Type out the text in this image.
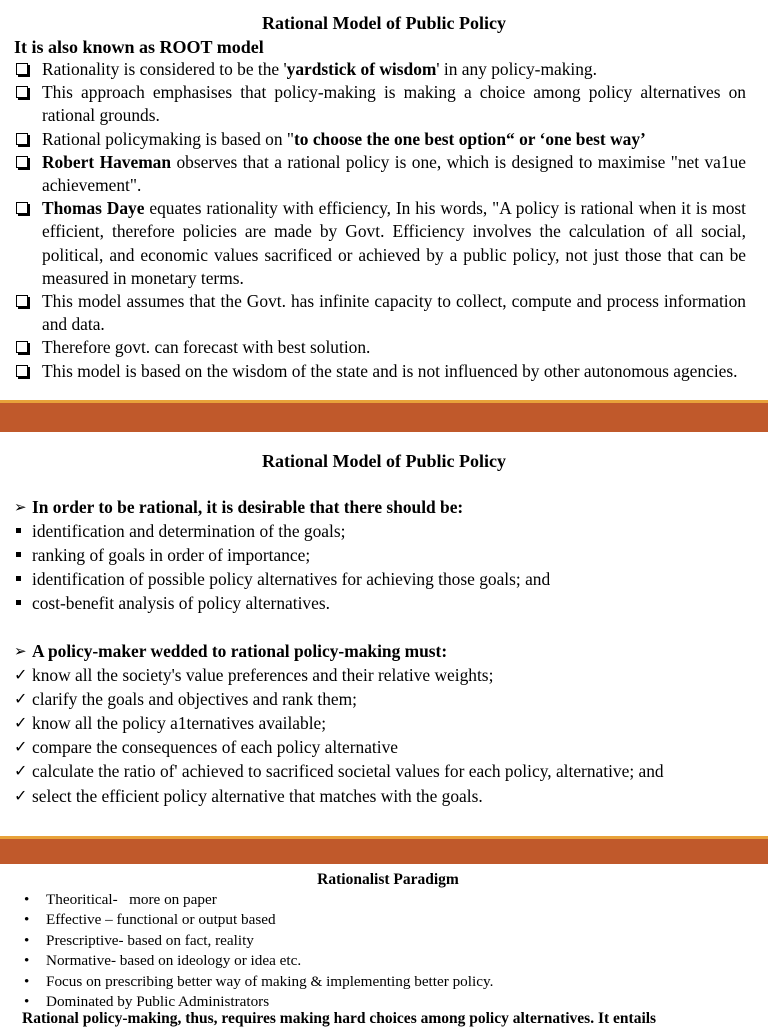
Rational Model of Public Policy
It is also known as ROOT model
Rationality is considered to be the 'yardstick of wisdom' in any policy-making.
This approach emphasises that policy-making is making a choice among policy alternatives on rational grounds.
Rational policymaking is based on "to choose the one best option“ or ‘one best way’
Robert Haveman observes that a rational policy is one, which is designed to maximise "net va1ue achievement".
Thomas Daye equates rationality with efficiency, In his words, "A policy is rational when it is most efficient, therefore policies are made by Govt. Efficiency involves the calculation of all social, political, and economic values sacrificed or achieved by a public policy, not just those that can be measured in monetary terms.
This model assumes that the Govt. has infinite capacity to collect, compute and process information and data.
Therefore govt. can forecast with best solution.
This model is based on the wisdom of the state and is not influenced by other autonomous agencies.
Rational Model of Public Policy
➢ In order to be rational, it is desirable that there should be:
identification and determination of the goals;
ranking of goals in order of importance;
identification of possible policy alternatives for achieving those goals; and
cost-benefit analysis of policy alternatives.
➢ A policy-maker wedded to rational policy-making must:
✓ know all the society's value preferences and their relative weights;
✓ clarify the goals and objectives and rank them;
✓ know all the policy a1ternatives available;
✓ compare the consequences of each policy alternative
✓ calculate the ratio of' achieved to sacrificed societal values for each policy, alternative; and
✓ select the efficient policy alternative that matches with the goals.
Rationalist Paradigm
• Theoritical-   more on paper
• Effective – functional or output based
• Prescriptive- based on fact, reality
• Normative- based on ideology or idea etc.
• Focus on prescribing better way of making & implementing better policy.
• Dominated by Public Administrators
Rational policy-making, thus, requires making hard choices among policy alternatives. It entails
